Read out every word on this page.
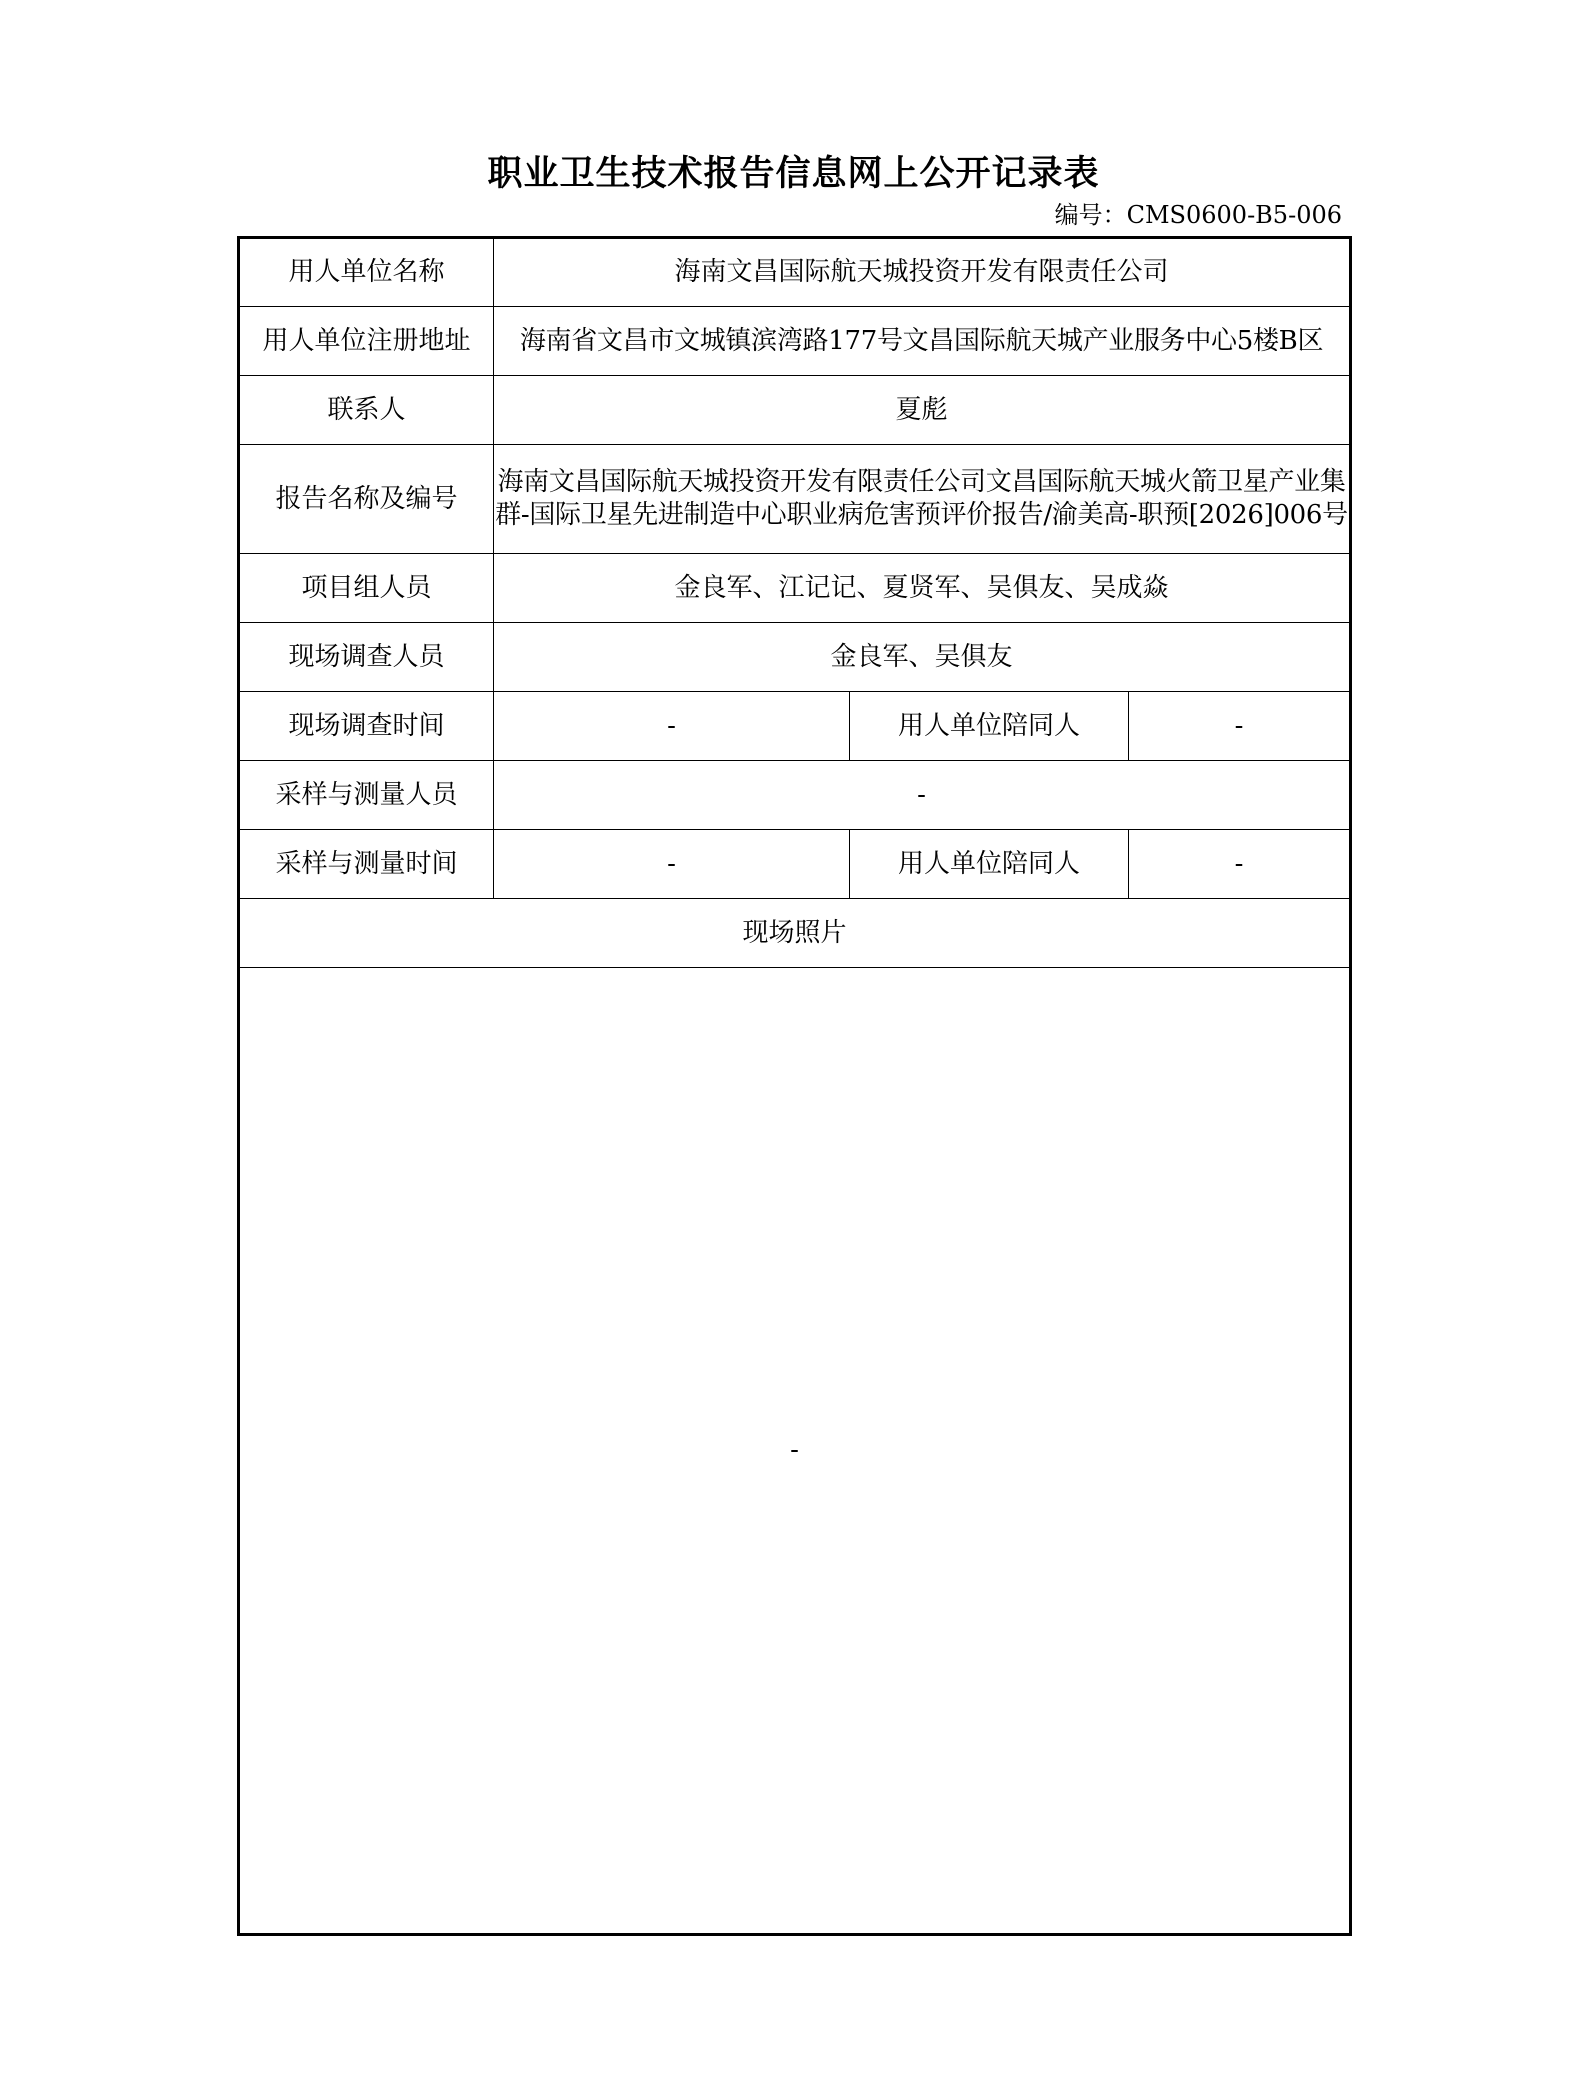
职业卫生技术报告信息网上公开记录表
编号：CMS0600-B5-006
用人单位名称	海南文昌国际航天城投资开发有限责任公司		
用人单位注册地址	海南省文昌市文城镇滨湾路177号文昌国际航天城产业服务中心5楼B区		
联系人	夏彪		
报告名称及编号	海南文昌国际航天城投资开发有限责任公司文昌国际航天城火箭卫星产业集群-国际卫星先进制造中心职业病危害预评价报告/渝美高-职预[2026]006号		
项目组人员	金良军、江记记、夏贤军、吴俱友、吴成焱		
现场调查人员	金良军、吴俱友		
现场调查时间	-	用人单位陪同人	-
采样与测量人员	-		
采样与测量时间	-	用人单位陪同人	-
现场照片			
-			
